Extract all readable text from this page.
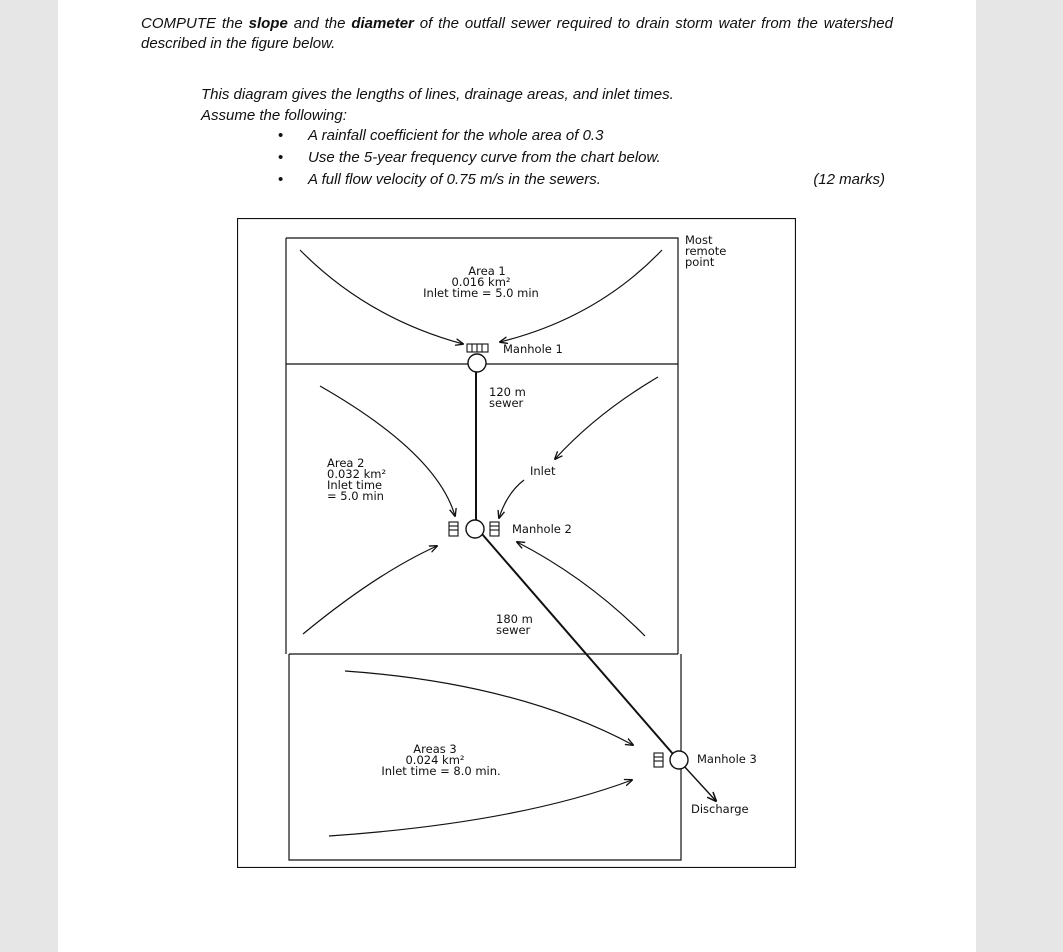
COMPUTE the slope and the diameter of the outfall sewer required to drain storm water from the watershed described in the figure below.
This diagram gives the lengths of lines, drainage areas, and inlet times.
Assume the following:
• A rainfall coefficient for the whole area of 0.3
• Use the 5-year frequency curve from the chart below.
• A full flow velocity of 0.75 m/s in the sewers.	(12 marks)
Area 1
0.016 km²
Inlet time = 5.0 min
Most
remote
point
Manhole 1
120 m
sewer
Area 2
0.032 km²
Inlet time
= 5.0 min
Inlet
Manhole 2
180 m
sewer
Areas 3
0.024 km²
Inlet time = 8.0 min.
Manhole 3
Discharge
